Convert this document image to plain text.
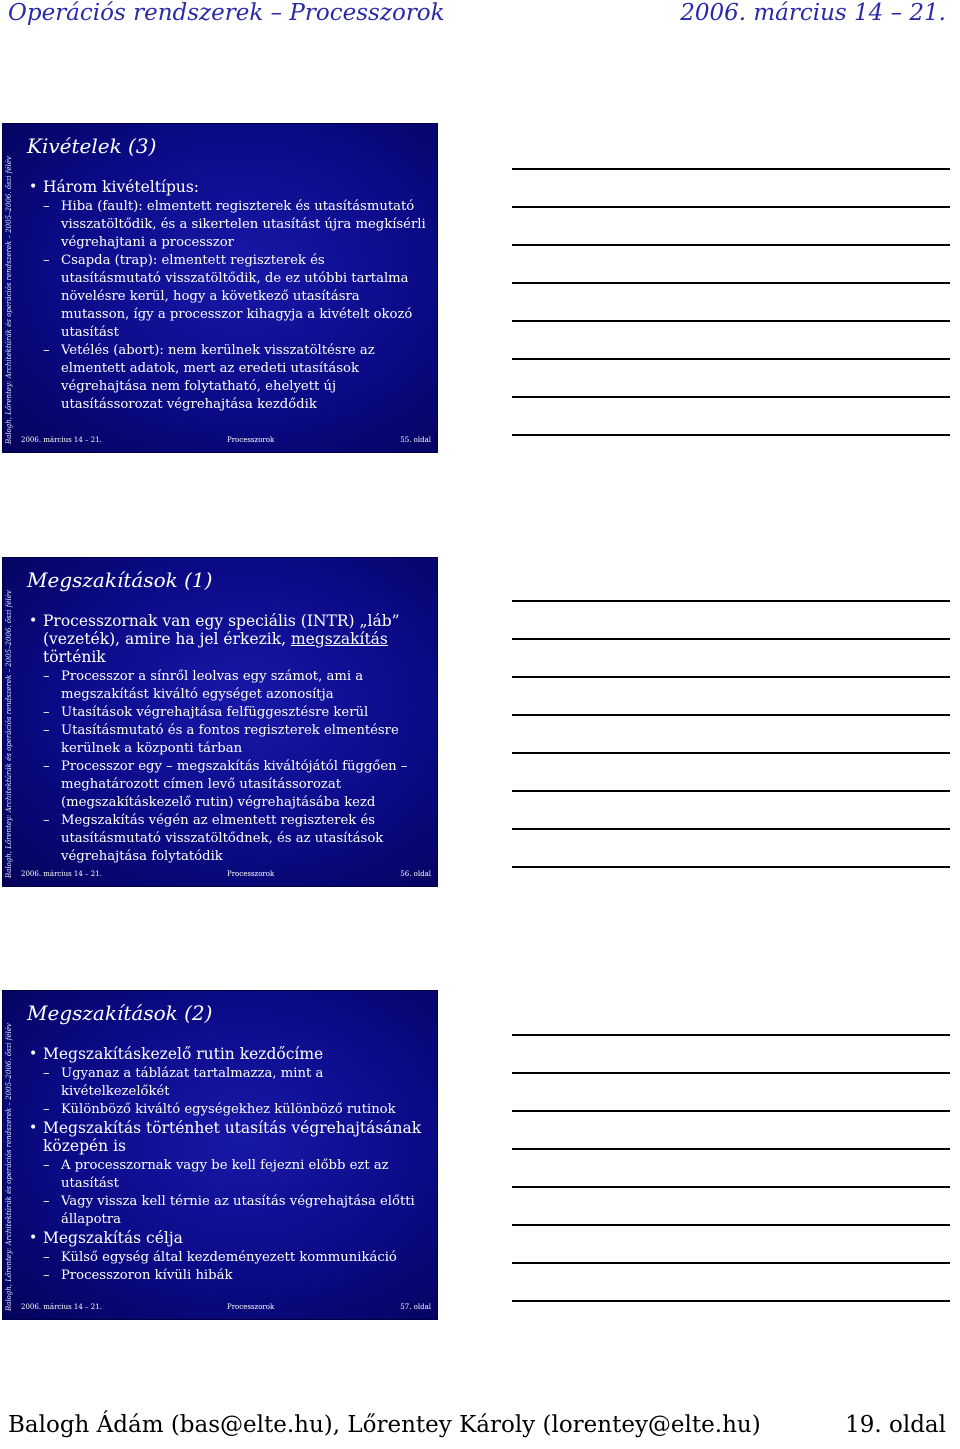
Operációs rendszerek – Processzorok	2006. március 14 – 21.
Balogh, Lőrentey: Architektúrák és operációs rendszerek – 2005–2006. őszi félév
Kivételek (3)
• Három kivételtípus:
– Hiba (fault): elmentett regiszterek és utasításmutató visszatöltődik, és a sikertelen utasítást újra megkísérli végrehajtani a processzor
– Csapda (trap): elmentett regiszterek és utasításmutató visszatöltődik, de ez utóbbi tartalma növelésre kerül, hogy a következő utasításra mutasson, így a processzor kihagyja a kivételt okozó utasítást
– Vetélés (abort): nem kerülnek visszatöltésre az elmentett adatok, mert az eredeti utasítások végrehajtása nem folytatható, ehelyett új utasítássorozat végrehajtása kezdődik
2006. március 14 – 21.	Processzorok	55. oldal
Balogh, Lőrentey: Architektúrák és operációs rendszerek – 2005–2006. őszi félév
Megszakítások (1)
• Processzornak van egy speciális (INTR) „láb” (vezeték), amire ha jel érkezik, megszakítás történik
– Processzor a sínről leolvas egy számot, ami a megszakítást kiváltó egységet azonosítja
– Utasítások végrehajtása felfüggesztésre kerül
– Utasításmutató és a fontos regiszterek elmentésre kerülnek a központi tárban
– Processzor egy – megszakítás kiváltójától függően – meghatározott címen levő utasítássorozat (megszakításkezelő rutin) végrehajtásába kezd
– Megszakítás végén az elmentett regiszterek és utasításmutató visszatöltődnek, és az utasítások végrehajtása folytatódik
2006. március 14 – 21.	Processzorok	56. oldal
Balogh, Lőrentey: Architektúrák és operációs rendszerek – 2005–2006. őszi félév
Megszakítások (2)
• Megszakításkezelő rutin kezdőcíme
– Ugyanaz a táblázat tartalmazza, mint a kivételkezelőkét
– Különböző kiváltó egységekhez különböző rutinok
• Megszakítás történhet utasítás végrehajtásának közepén is
– A processzornak vagy be kell fejezni előbb ezt az utasítást
– Vagy vissza kell térnie az utasítás végrehajtása előtti állapotra
• Megszakítás célja
– Külső egység által kezdeményezett kommunikáció
– Processzoron kívüli hibák
2006. március 14 – 21.	Processzorok	57. oldal
Balogh Ádám (bas@elte.hu), Lőrentey Károly (lorentey@elte.hu)	19. oldal
